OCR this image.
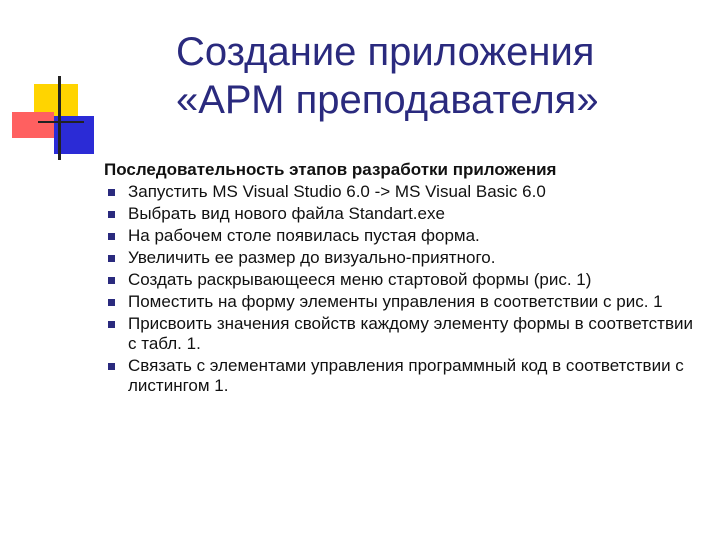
Создание приложения
«АРМ преподавателя»
Последовательность этапов разработки приложения
Запустить MS Visual Studio 6.0 -> MS Visual Basic 6.0
Выбрать вид нового файла Standart.exe
На рабочем столе появилась пустая форма.
Увеличить ее размер до визуально-приятного.
Создать раскрывающееся меню стартовой формы (рис. 1)
Поместить на форму элементы управления в соответствии с рис. 1
Присвоить значения свойств каждому элементу формы в соответствии с табл. 1.
Связать с элементами управления программный код в соответствии с листингом 1.
